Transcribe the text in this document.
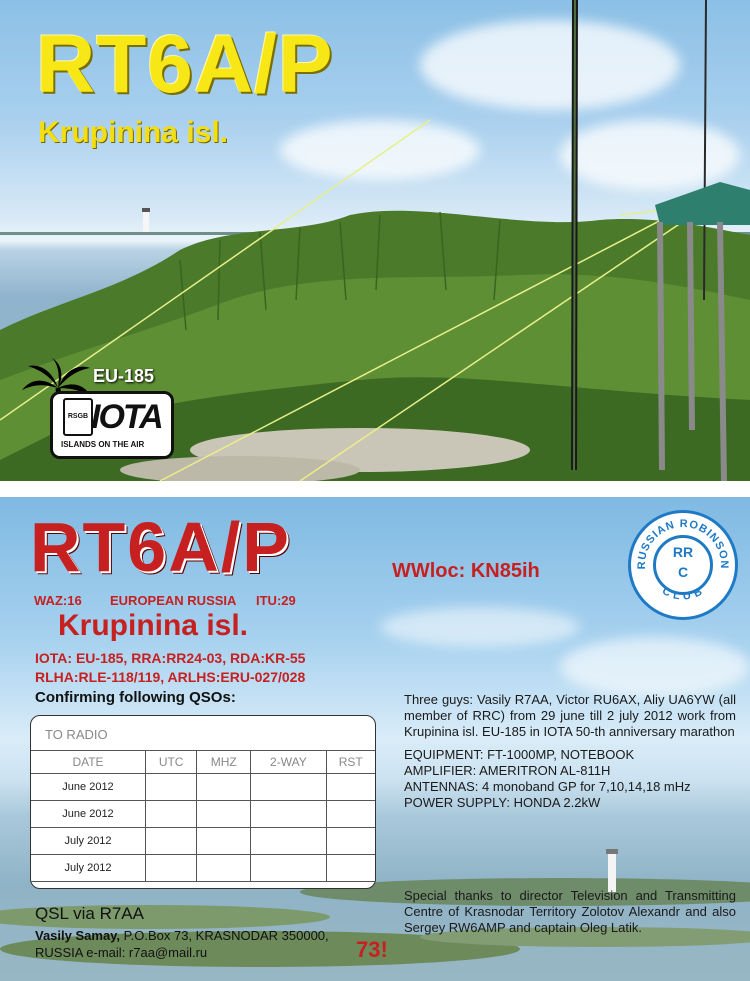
RT6A/P
Krupinina isl.
EU-185
RSGB IOTA
ISLANDS ON THE AIR
RT6A/P
WAZ:16 EUROPEAN RUSSIA ITU:29
Krupinina isl.
IOTA: EU-185, RRA:RR24-03, RDA:KR-55
RLHA:RLE-118/119, ARLHS:ERU-027/028
WWloc: KN85ih
Confirming following QSOs:
TO RADIO
DATE	UTC	MHZ	2-WAY	RST
June 2012				
June 2012				
July 2012				
July 2012				
RUSSIAN ROBINSON
CLUB
RR
C
Three guys: Vasily R7AA, Victor RU6AX, Aliy UA6YW (all member of RRC) from 29 june till 2 july 2012 work from Krupinina isl. EU-185 in IOTA 50-th anniversary marathon
EQUIPMENT: FT-1000MP, NOTEBOOK
AMPLIFIER: AMERITRON AL-811H
ANTENNAS: 4 monoband GP for 7,10,14,18 mHz
POWER SUPPLY: HONDA 2.2kW
Special thanks to director Television and Transmitting Centre of Krasnodar Territory Zolotov Alexandr and also Sergey RW6AMP and captain Oleg Latik.
QSL via R7AA
Vasily Samay, P.O.Box 73, KRASNODAR 350000,
RUSSIA e-mail: r7aa@mail.ru	73!
